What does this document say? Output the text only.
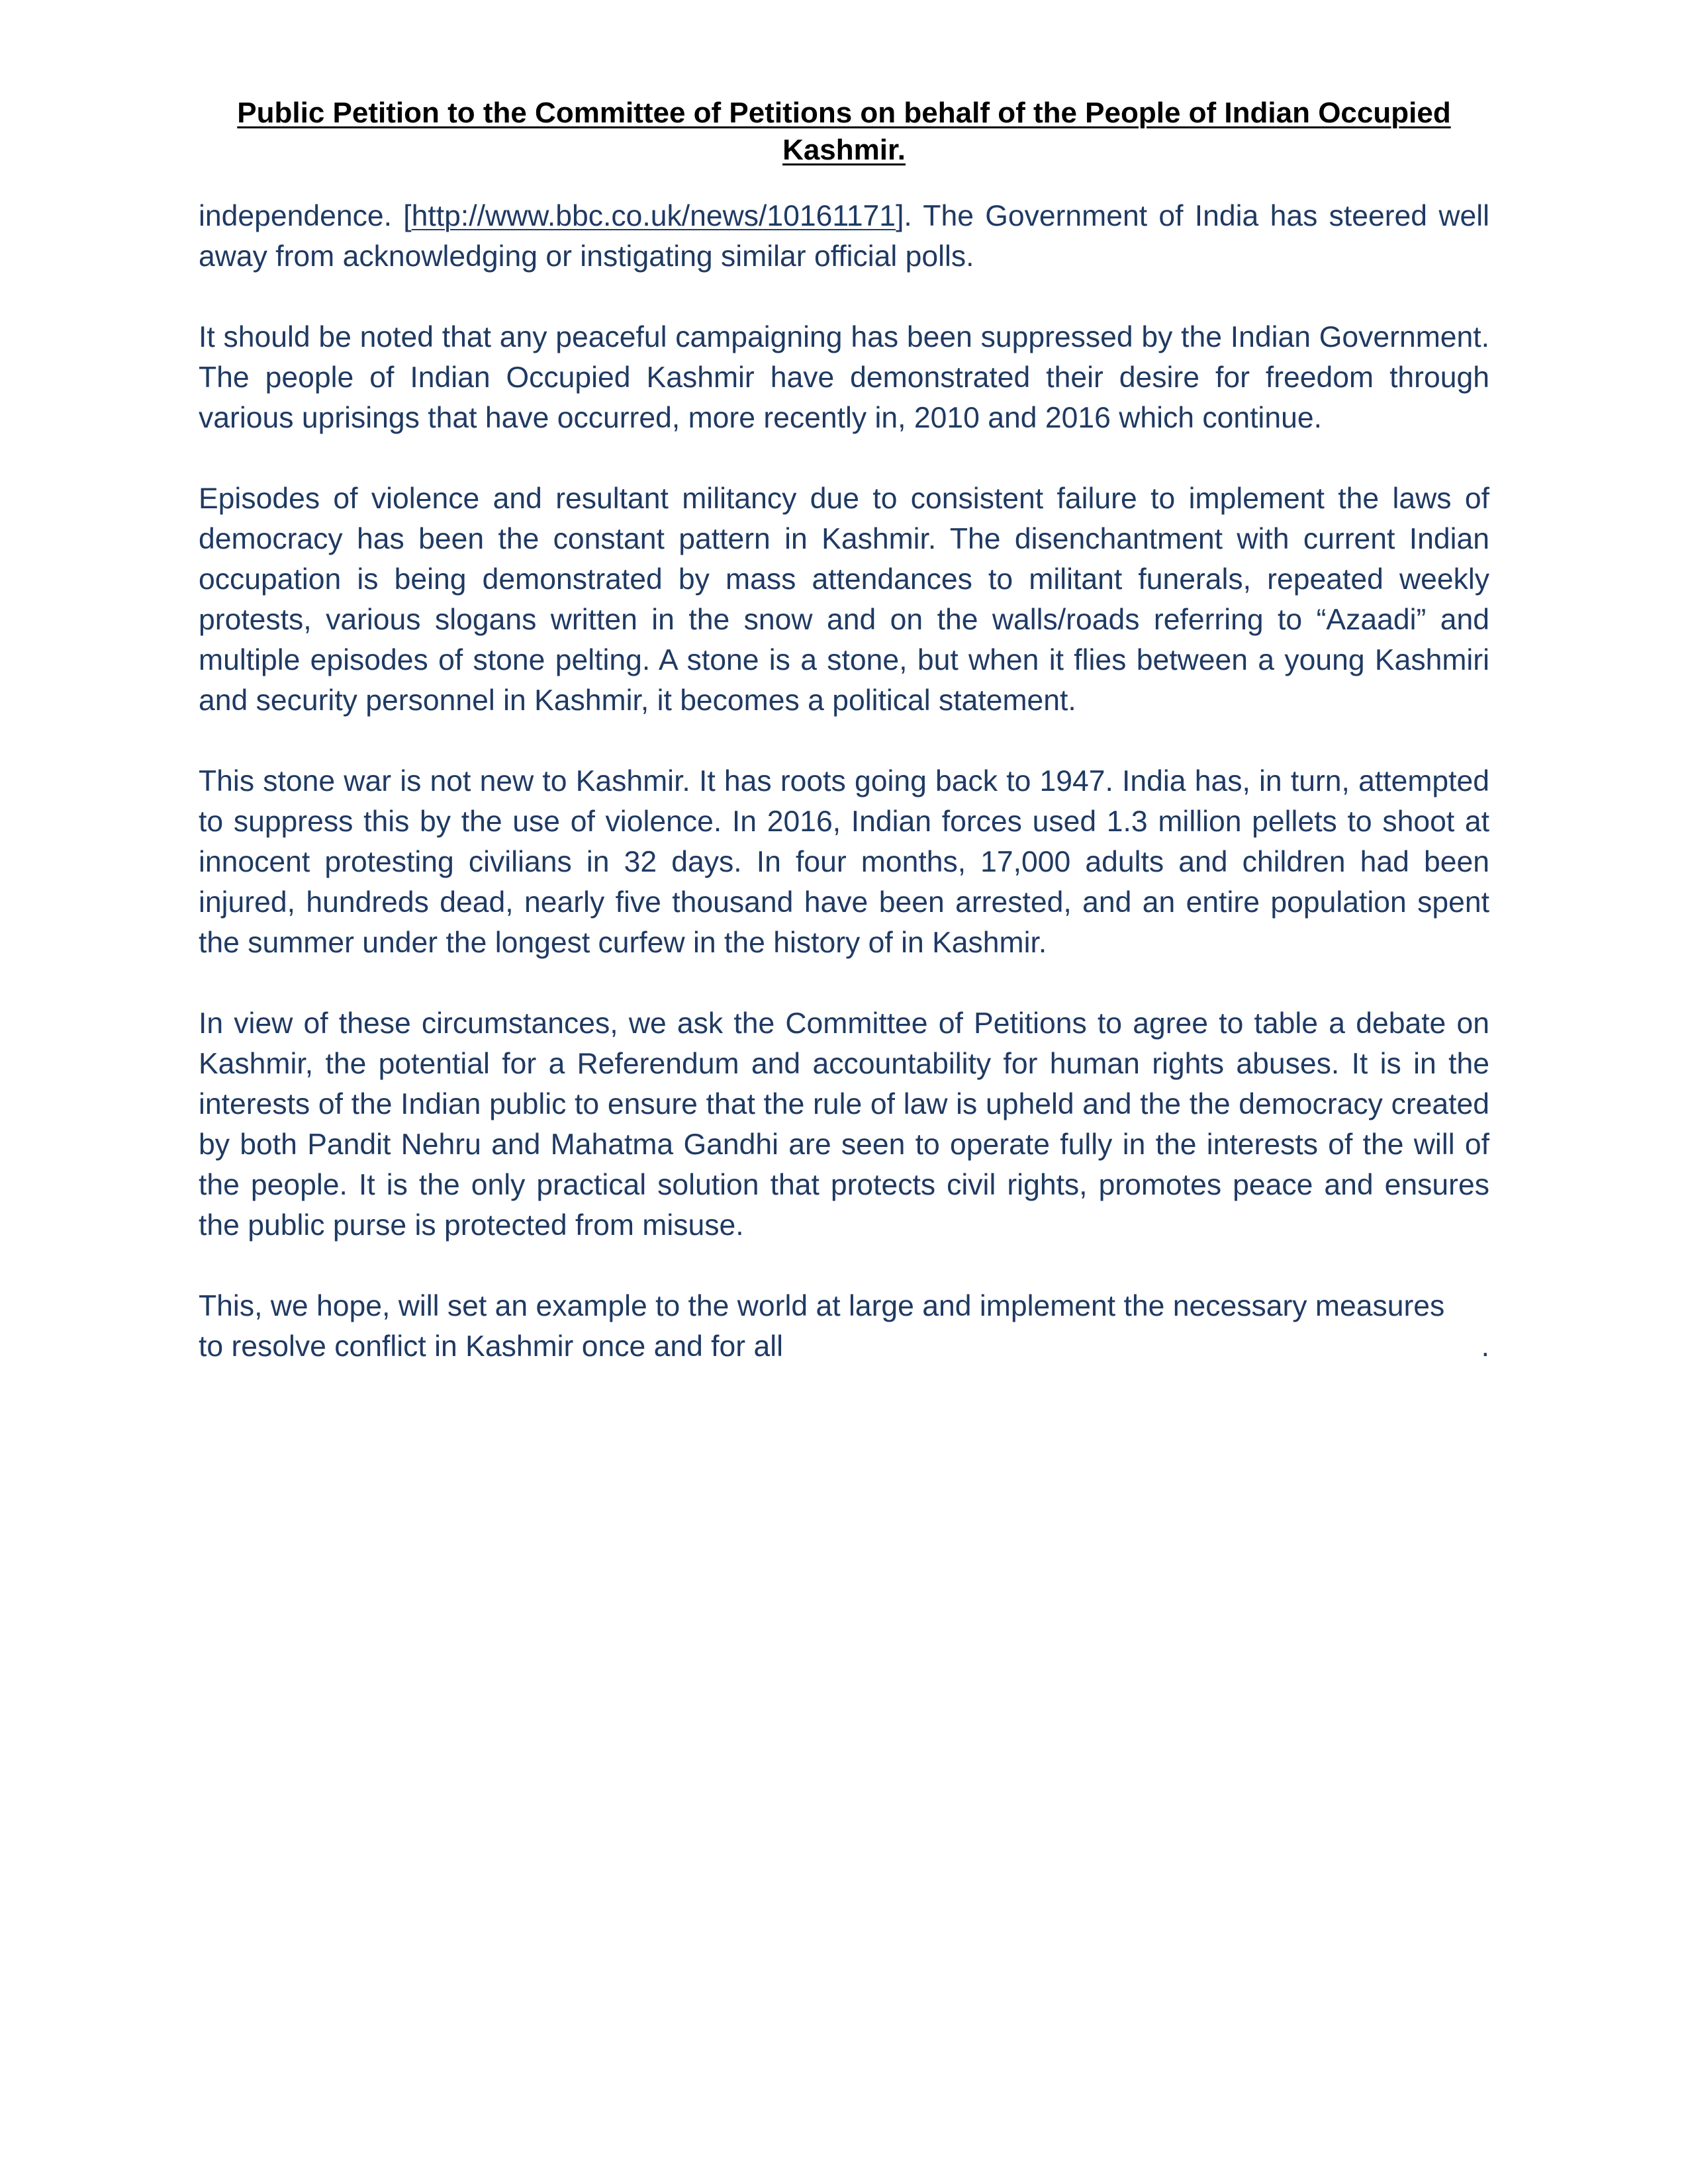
Public Petition to the Committee of Petitions on behalf of the People of Indian Occupied
Kashmir.

independence. [http://www.bbc.co.uk/news/10161171]. The Government of India has steered well away from acknowledging or instigating similar official polls.

It should be noted that any peaceful campaigning has been suppressed by the Indian Government. The people of Indian Occupied Kashmir have demonstrated their desire for freedom through various uprisings that have occurred, more recently in, 2010 and 2016 which continue.

Episodes of violence and resultant militancy due to consistent failure to implement the laws of democracy has been the constant pattern in Kashmir. The disenchantment with current Indian occupation is being demonstrated by mass attendances to militant funerals, repeated weekly protests, various slogans written in the snow and on the walls/roads referring to “Azaadi” and multiple episodes of stone pelting. A stone is a stone, but when it flies between a young Kashmiri and security personnel in Kashmir, it becomes a political statement.

This stone war is not new to Kashmir. It has roots going back to 1947. India has, in turn, attempted to suppress this by the use of violence. In 2016, Indian forces used 1.3 million pellets to shoot at innocent protesting civilians in 32 days. In four months, 17,000 adults and children had been injured, hundreds dead, nearly five thousand have been arrested, and an entire population spent the summer under the longest curfew in the history of in Kashmir.

In view of these circumstances, we ask the Committee of Petitions to agree to table a debate on Kashmir, the potential for a Referendum and accountability for human rights abuses. It is in the interests of the Indian public to ensure that the rule of law is upheld and the the democracy created by both Pandit Nehru and Mahatma Gandhi are seen to operate fully in the interests of the will of the people. It is the only practical solution that protects civil rights, promotes peace and ensures the public purse is protected from misuse.

This, we hope, will set an example to the world at large and implement the necessary measures

to resolve conflict in Kashmir once and for all	.
